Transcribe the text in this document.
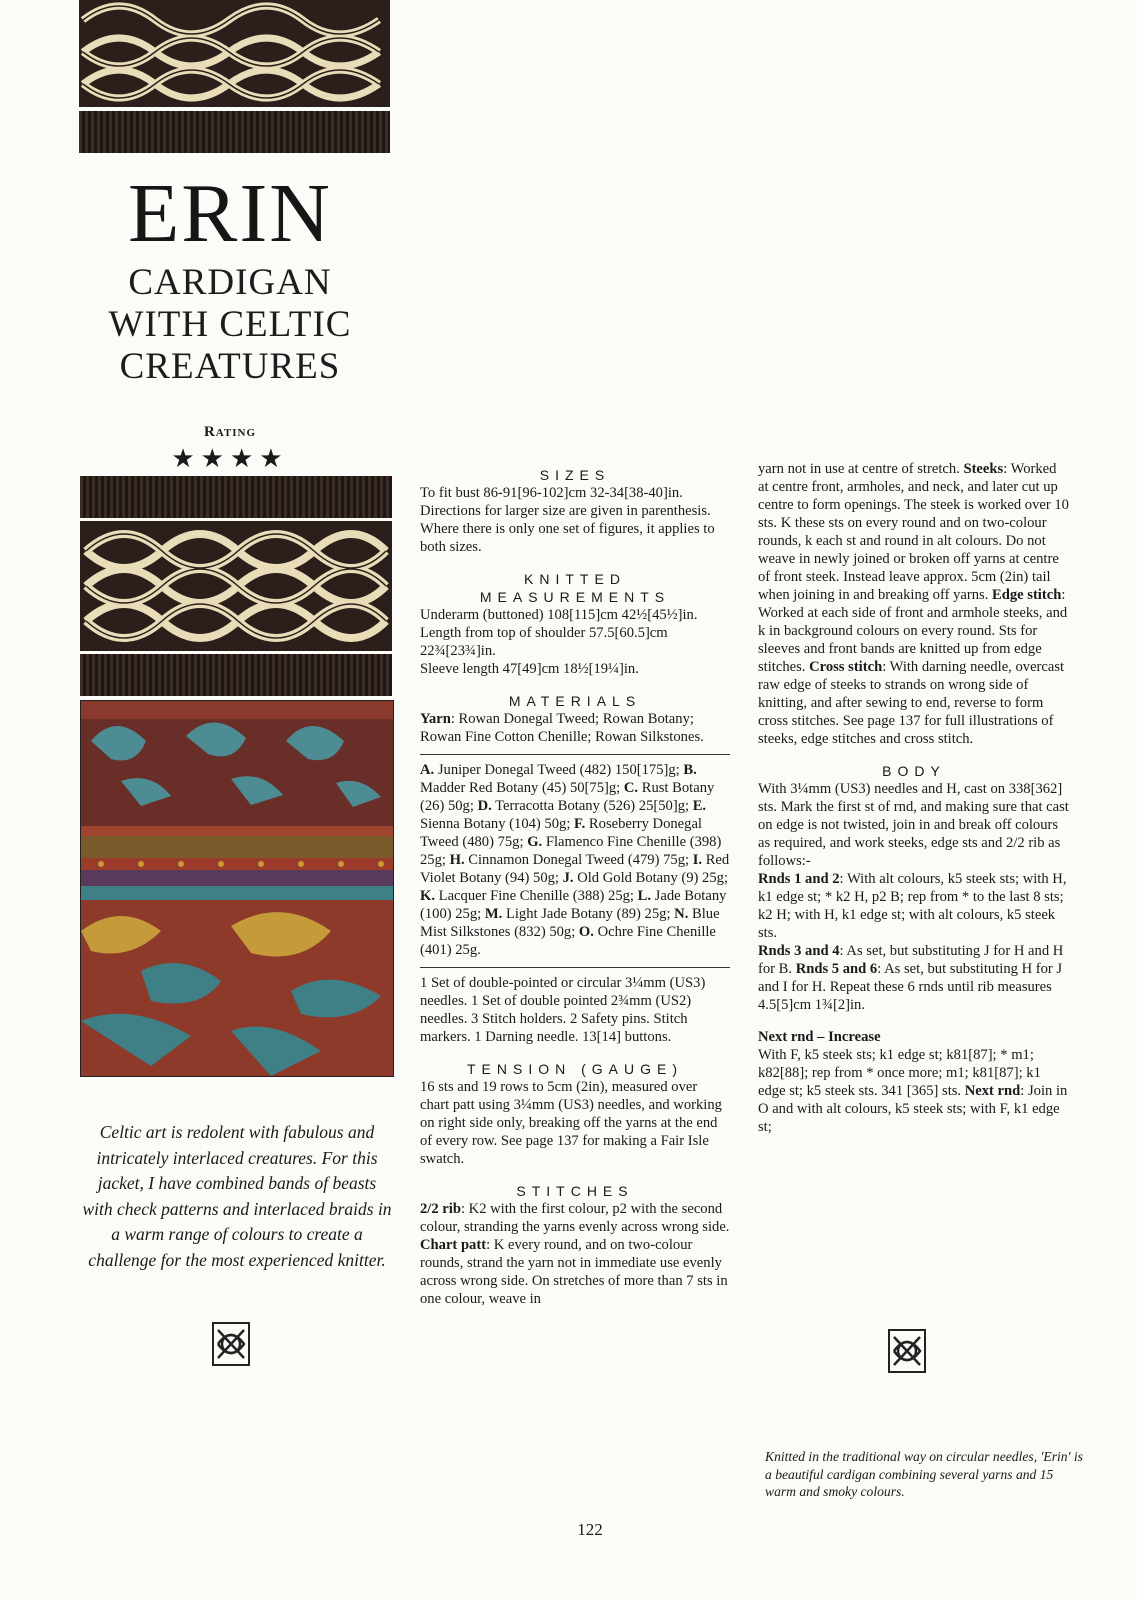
ERIN
CARDIGAN
WITH CELTIC
CREATURES
Rating
★★★★
Celtic art is redolent with fabulous and intricately interlaced creatures. For this jacket, I have combined bands of beasts with check patterns and interlaced braids in a warm range of colours to create a challenge for the most experienced knitter.
SIZES

To fit bust 86-91[96-102]cm 32-34[38-40]in.

Directions for larger size are given in parenthesis. Where there is only one set of figures, it applies to both sizes.

KNITTED
MEASUREMENTS

Underarm (buttoned) 108[115]cm 42½[45½]in.

Length from top of shoulder 57.5[60.5]cm 22¾[23¾]in.

Sleeve length 47[49]cm 18½[19¼]in.

MATERIALS

Yarn: Rowan Donegal Tweed; Rowan Botany; Rowan Fine Cotton Chenille; Rowan Silkstones.

A. Juniper Donegal Tweed (482) 150[175]g; B. Madder Red Botany (45) 50[75]g; C. Rust Botany (26) 50g; D. Terracotta Botany (526) 25[50]g; E. Sienna Botany (104) 50g; F. Roseberry Donegal Tweed (480) 75g; G. Flamenco Fine Chenille (398) 25g; H. Cinnamon Donegal Tweed (479) 75g; I. Red Violet Botany (94) 50g; J. Old Gold Botany (9) 25g; K. Lacquer Fine Chenille (388) 25g; L. Jade Botany (100) 25g; M. Light Jade Botany (89) 25g; N. Blue Mist Silkstones (832) 50g; O. Ochre Fine Chenille (401) 25g.

1 Set of double-pointed or circular 3¼mm (US3) needles. 1 Set of double pointed 2¾mm (US2) needles. 3 Stitch holders. 2 Safety pins. Stitch markers. 1 Darning needle. 13[14] buttons.

TENSION (GAUGE)

16 sts and 19 rows to 5cm (2in), measured over chart patt using 3¼mm (US3) needles, and working on right side only, breaking off the yarns at the end of every row. See page 137 for making a Fair Isle swatch.

STITCHES

2/2 rib: K2 with the first colour, p2 with the second colour, stranding the yarns evenly across wrong side. Chart patt: K every round, and on two-colour rounds, strand the yarn not in immediate use evenly across wrong side. On stretches of more than 7 sts in one colour, weave in

yarn not in use at centre of stretch. Steeks: Worked at centre front, armholes, and neck, and later cut up centre to form openings. The steek is worked over 10 sts. K these sts on every round and on two-colour rounds, k each st and round in alt colours. Do not weave in newly joined or broken off yarns at centre of front steek. Instead leave approx. 5cm (2in) tail when joining in and breaking off yarns. Edge stitch: Worked at each side of front and armhole steeks, and k in background colours on every round. Sts for sleeves and front bands are knitted up from edge stitches. Cross stitch: With darning needle, overcast raw edge of steeks to strands on wrong side of knitting, and after sewing to end, reverse to form cross stitches. See page 137 for full illustrations of steeks, edge stitches and cross stitch.

BODY

With 3¼mm (US3) needles and H, cast on 338[362] sts. Mark the first st of rnd, and making sure that cast on edge is not twisted, join in and break off colours as required, and work steeks, edge sts and 2/2 rib as follows:-

Rnds 1 and 2: With alt colours, k5 steek sts; with H, k1 edge st; * k2 H, p2 B; rep from * to the last 8 sts; k2 H; with H, k1 edge st; with alt colours, k5 steek sts.

Rnds 3 and 4: As set, but substituting J for H and H for B. Rnds 5 and 6: As set, but substituting H for J and I for H. Repeat these 6 rnds until rib measures 4.5[5]cm 1¾[2]in.

Next rnd – Increase

With F, k5 steek sts; k1 edge st; k81[87]; * m1; k82[88]; rep from * once more; m1; k81[87]; k1 edge st; k5 steek sts. 341 [365] sts. Next rnd: Join in O and with alt colours, k5 steek sts; with F, k1 edge st;

Knitted in the traditional way on circular needles, 'Erin' is a beautiful cardigan combining several yarns and 15 warm and smoky colours.
122
